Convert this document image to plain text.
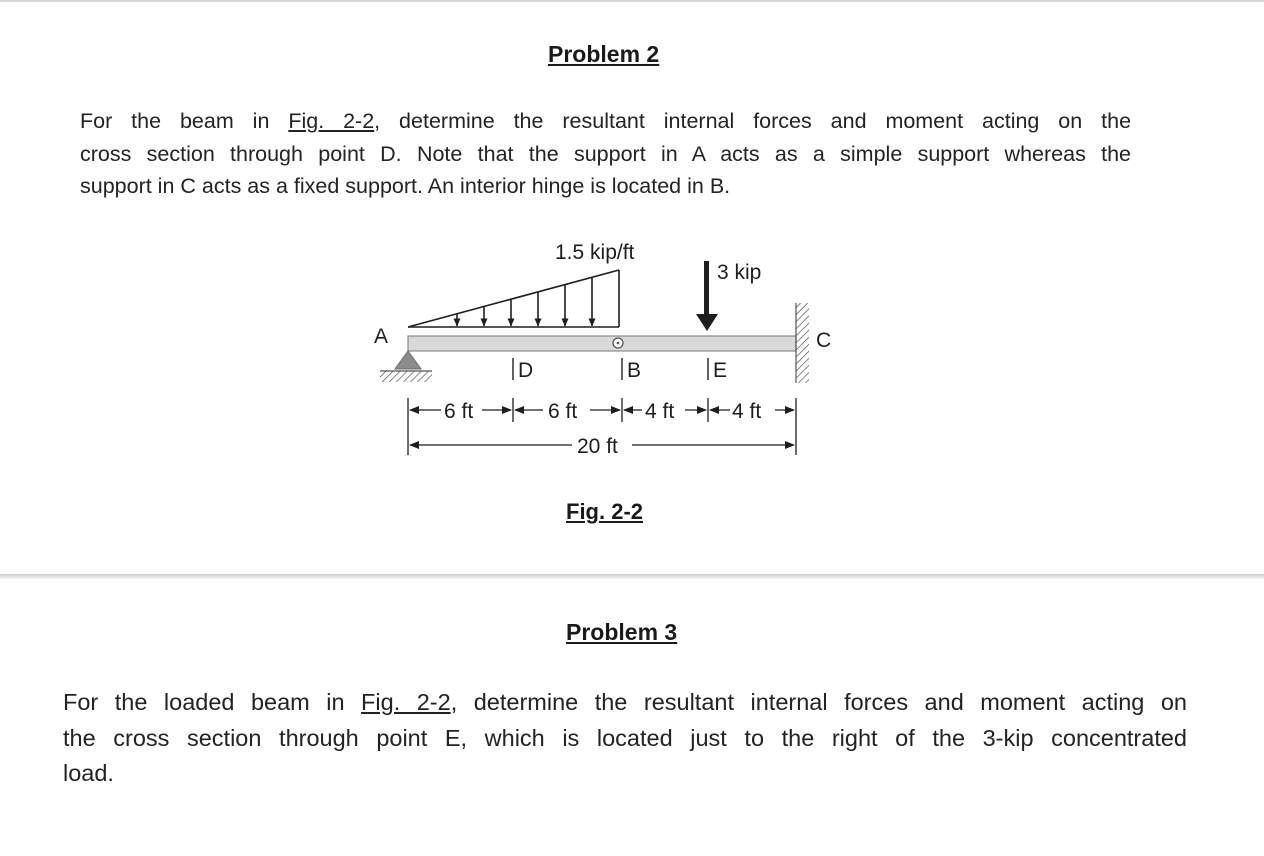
Problem 2

For the beam in Fig. 2-2, determine the resultant internal forces and moment acting on the

cross section through point D. Note that the support in A acts as a simple support whereas the

support in C acts as a fixed support. An interior hinge is located in B.

1.5 kip/ft
3 kip
A	C
D	B	E
6 ft	6 ft	4 ft	4 ft
20 ft
Fig. 2-2
Problem 3

For the loaded beam in Fig. 2-2, determine the resultant internal forces and moment acting on

the cross section through point E, which is located just to the right of the 3-kip concentrated

load.
